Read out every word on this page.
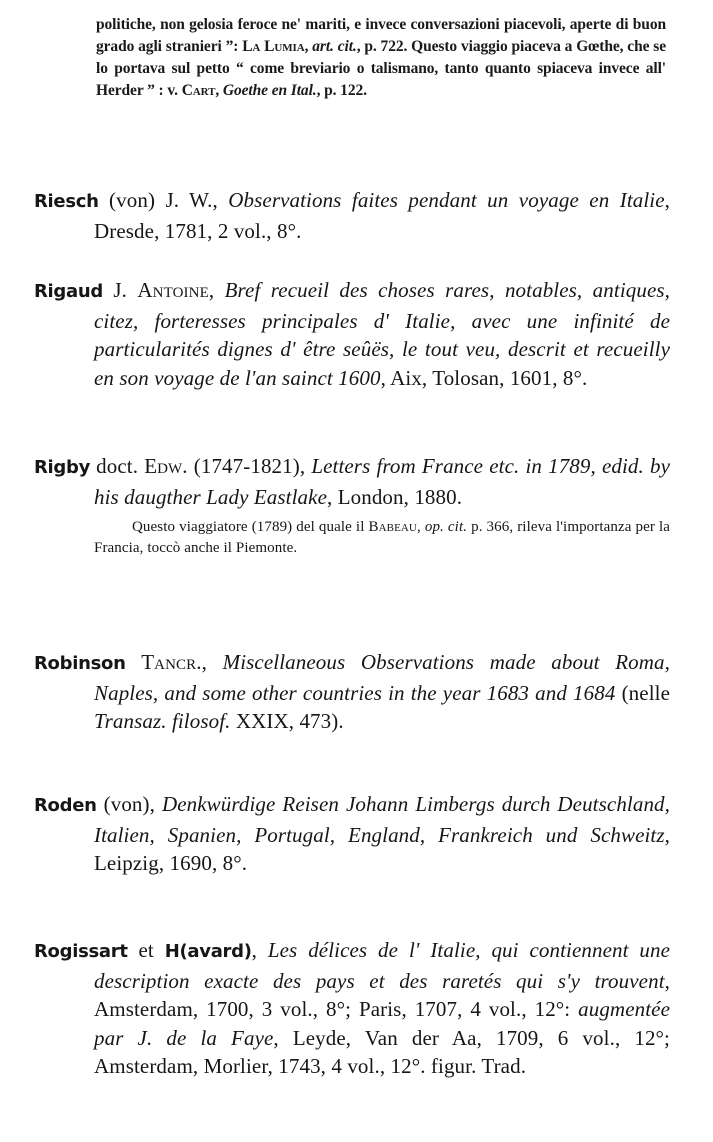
politiche, non gelosia feroce ne' mariti, e invece conversazioni piacevoli, aperte di buon grado agli stranieri ”: La Lumia, art. cit., p. 722. Questo viaggio piaceva a Gœthe, che se lo portava sul petto “ come breviario o talismano, tanto quanto spiaceva invece all' Herder ” : v. Cart, Goethe en Ital., p. 122.
Riesch (von) J. W., Observations faites pendant un voyage en Italie, Dresde, 1781, 2 vol., 8°.
Rigaud J. Antoine, Bref recueil des choses rares, notables, antiques, citez, forteresses principales d' Italie, avec une infinité de particularités dignes d' être seûës, le tout veu, descrit et recueilly en son voyage de l'an sainct 1600, Aix, Tolosan, 1601, 8°.
Rigby doct. Edw. (1747-1821), Letters from France etc. in 1789, edid. by his daugther Lady Eastlake, London, 1880.
Questo viaggiatore (1789) del quale il Babeau, op. cit. p. 366, rileva l'importanza per la Francia, toccò anche il Piemonte.
Robinson Tancr., Miscellaneous Observations made about Roma, Naples, and some other countries in the year 1683 and 1684 (nelle Transaz. filosof. XXIX, 473).
Roden (von), Denkwürdige Reisen Johann Limbergs durch Deutschland, Italien, Spanien, Portugal, England, Frankreich und Schweitz, Leipzig, 1690, 8°.
Rogissart et H(avard), Les délices de l' Italie, qui contiennent une description exacte des pays et des raretés qui s'y trouvent, Amsterdam, 1700, 3 vol., 8°; Paris, 1707, 4 vol., 12°: augmentée par J. de la Faye, Leyde, Van der Aa, 1709, 6 vol., 12°; Amsterdam, Morlier, 1743, 4 vol., 12°. figur. Trad.
